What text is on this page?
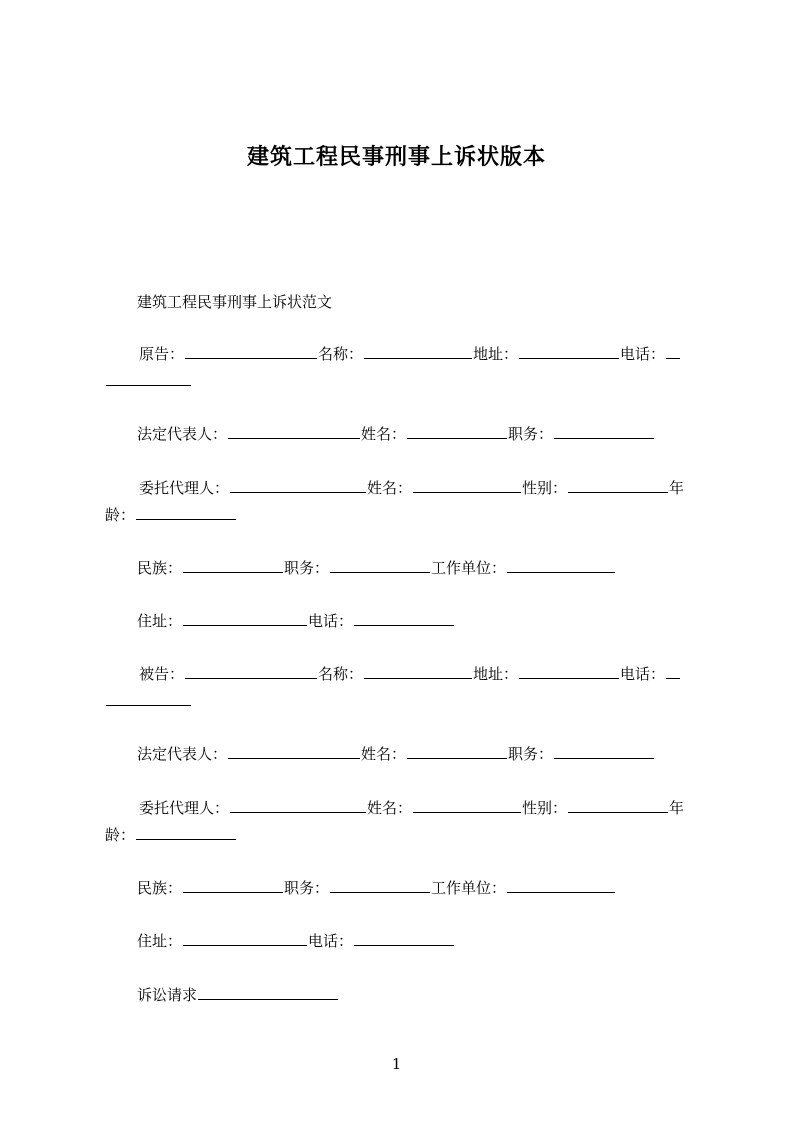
建筑工程民事刑事上诉状版本

建筑工程民事刑事上诉状范文

原告：	名称：	地址：	电话：

法定代表人：	姓名：	职务：

委托代理人：	姓名：	性别：	年

龄：

民族：	职务：	工作单位：

住址：	电话：

被告：	名称：	地址：	电话：

法定代表人：	姓名：	职务：

委托代理人：	姓名：	性别：	年

龄：

民族：	职务：	工作单位：

住址：	电话：

诉讼请求

1
